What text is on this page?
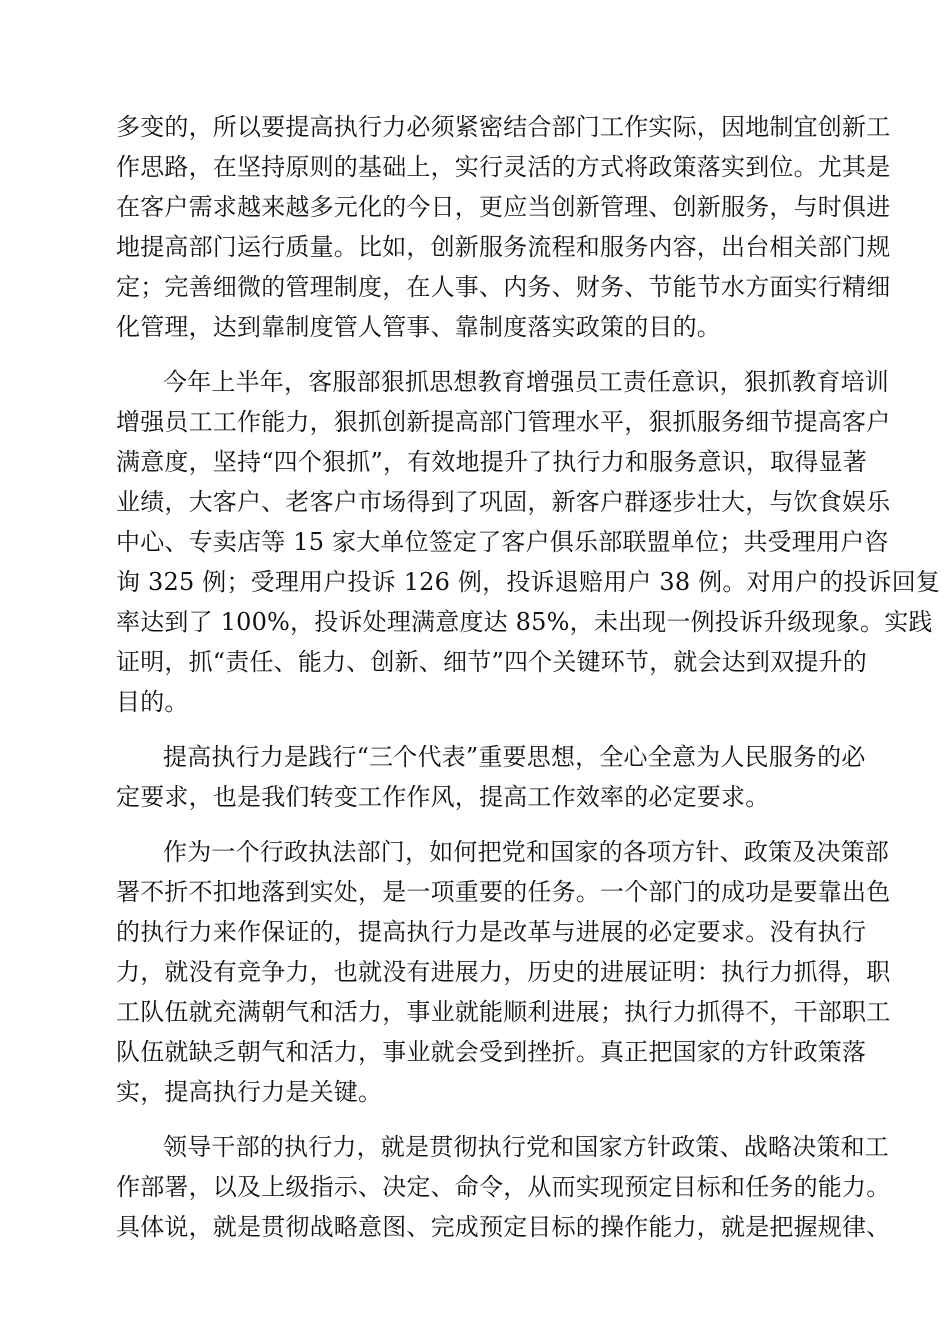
多变的，所以要提高执行力必须紧密结合部门工作实际，因地制宜创新工
作思路，在坚持原则的基础上，实行灵活的方式将政策落实到位。尤其是
在客户需求越来越多元化的今日，更应当创新管理、创新服务，与时俱进
地提高部门运行质量。比如，创新服务流程和服务内容，出台相关部门规
定；完善细微的管理制度，在人事、内务、财务、节能节水方面实行精细
化管理，达到靠制度管人管事、靠制度落实政策的目的。
今年上半年，客服部狠抓思想教育增强员工责任意识，狠抓教育培训
增强员工工作能力，狠抓创新提高部门管理水平，狠抓服务细节提高客户
满意度，坚持“四个狠抓”，有效地提升了执行力和服务意识，取得显著
业绩，大客户、老客户市场得到了巩固，新客户群逐步壮大，与饮食娱乐
中心、专卖店等 15 家大单位签定了客户俱乐部联盟单位；共受理用户咨
询 325 例；受理用户投诉 126 例，投诉退赔用户 38 例。对用户的投诉回复
率达到了 100%，投诉处理满意度达 85%，未出现一例投诉升级现象。实践
证明，抓“责任、能力、创新、细节”四个关键环节，就会达到双提升的
目的。
提高执行力是践行“三个代表”重要思想，全心全意为人民服务的必
定要求，也是我们转变工作作风，提高工作效率的必定要求。
作为一个行政执法部门，如何把党和国家的各项方针、政策及决策部
署不折不扣地落到实处，是一项重要的任务。一个部门的成功是要靠出色
的执行力来作保证的，提高执行力是改革与进展的必定要求。没有执行
力，就没有竞争力，也就没有进展力，历史的进展证明：执行力抓得，职
工队伍就充满朝气和活力，事业就能顺利进展；执行力抓得不，干部职工
队伍就缺乏朝气和活力，事业就会受到挫折。真正把国家的方针政策落
实，提高执行力是关键。
领导干部的执行力，就是贯彻执行党和国家方针政策、战略决策和工
作部署，以及上级指示、决定、命令，从而实现预定目标和任务的能力。
具体说，就是贯彻战略意图、完成预定目标的操作能力，就是把握规律、
